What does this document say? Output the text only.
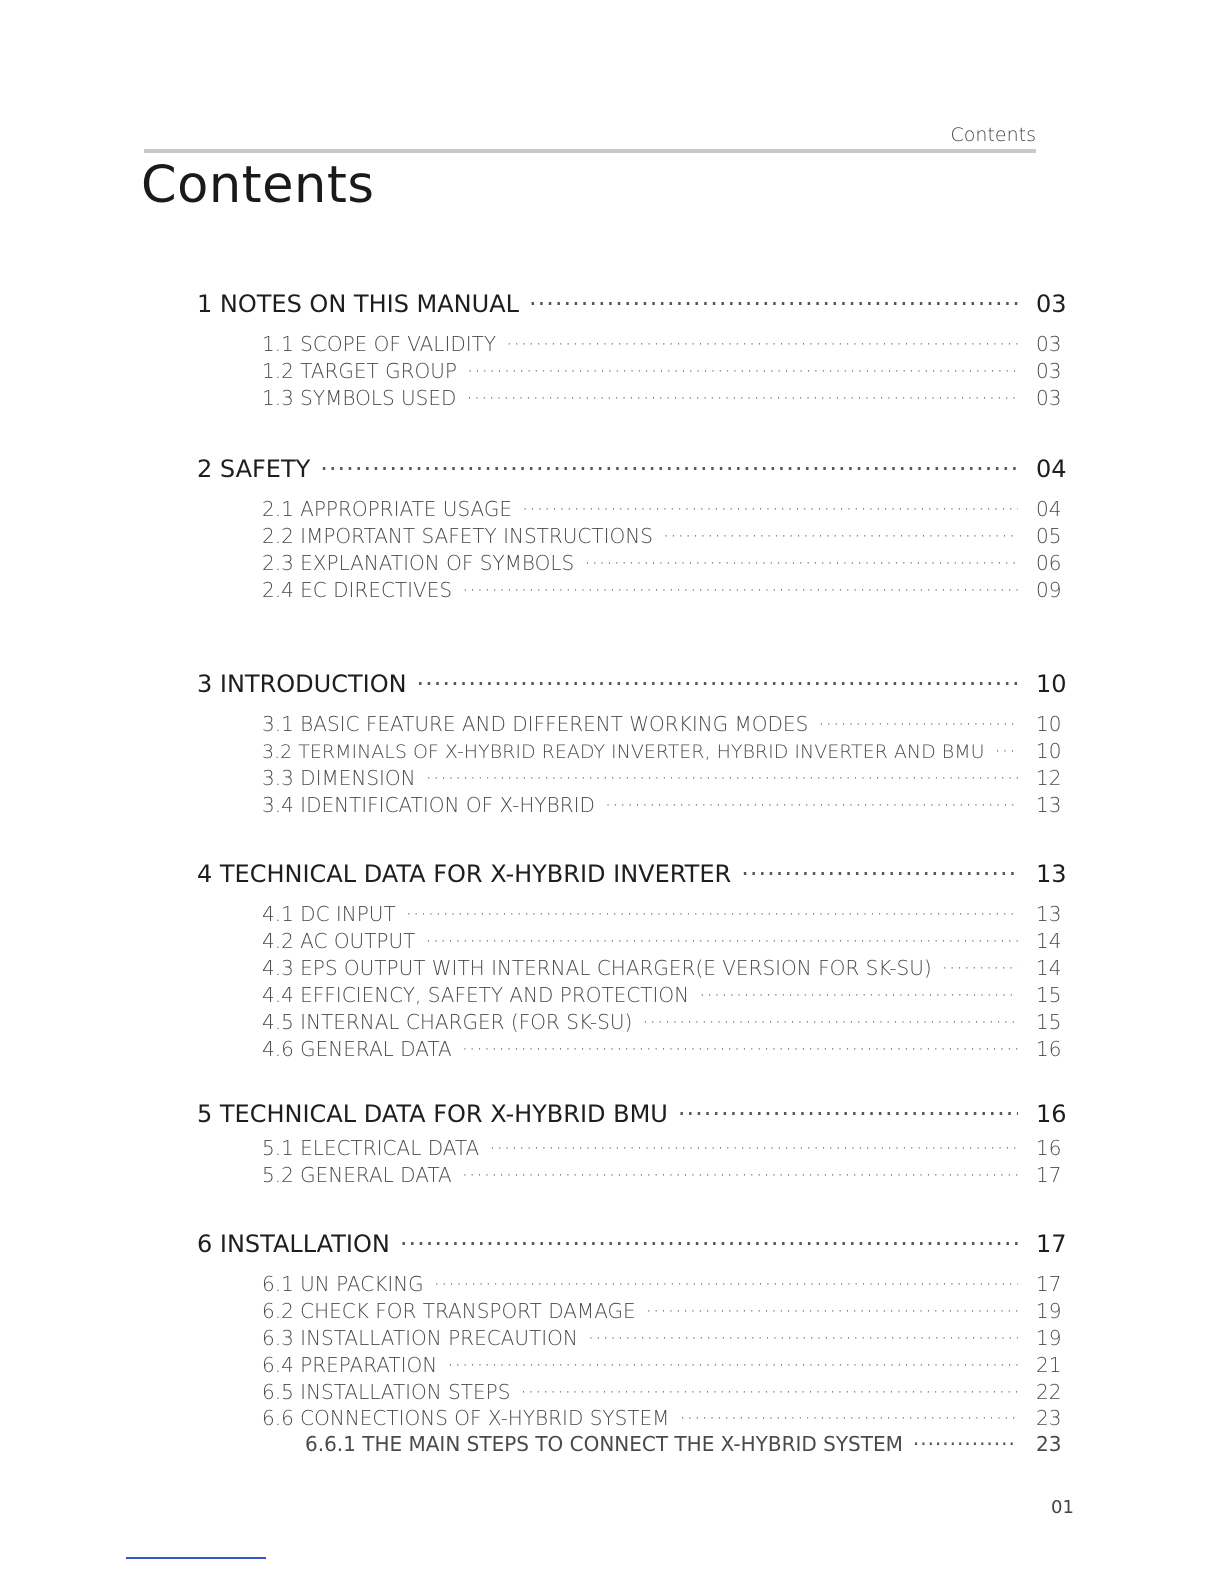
Contents
Contents
1 NOTES ON THIS MANUAL ·····	03
1.1 SCOPE OF VALIDITY ·····	03
1.2 TARGET GROUP ·····	03
1.3 SYMBOLS USED ·····	03
2 SAFETY ·····	04
2.1 APPROPRIATE USAGE ·····	04
2.2 IMPORTANT SAFETY INSTRUCTIONS ·····	05
2.3 EXPLANATION OF SYMBOLS ·····	06
2.4 EC DIRECTIVES ·····	09
3 INTRODUCTION ·····	10
3.1 BASIC FEATURE AND DIFFERENT WORKING MODES ·····	10
3.2 TERMINALS OF X-HYBRID READY INVERTER, HYBRID INVERTER AND BMU ·····	10
3.3 DIMENSION ·····	12
3.4 IDENTIFICATION OF X-HYBRID ·····	13
4 TECHNICAL DATA FOR X-HYBRID INVERTER ·····	13
4.1 DC INPUT ·····	13
4.2 AC OUTPUT ·····	14
4.3 EPS OUTPUT WITH INTERNAL CHARGER(E VERSION FOR SK-SU) ·····	14
4.4 EFFICIENCY, SAFETY AND PROTECTION ·····	15
4.5 INTERNAL CHARGER (FOR SK-SU) ·····	15
4.6 GENERAL DATA ·····	16
5 TECHNICAL DATA FOR X-HYBRID BMU ·····	16
5.1 ELECTRICAL DATA ·····	16
5.2 GENERAL DATA ·····	17
6 INSTALLATION ·····	17
6.1 UN PACKING ·····	17
6.2 CHECK FOR TRANSPORT DAMAGE ·····	19
6.3 INSTALLATION PRECAUTION ·····	19
6.4 PREPARATION ·····	21
6.5 INSTALLATION STEPS ·····	22
6.6 CONNECTIONS OF X-HYBRID SYSTEM ·····	23
6.6.1 THE MAIN STEPS TO CONNECT THE X-HYBRID SYSTEM ·····	23
01
